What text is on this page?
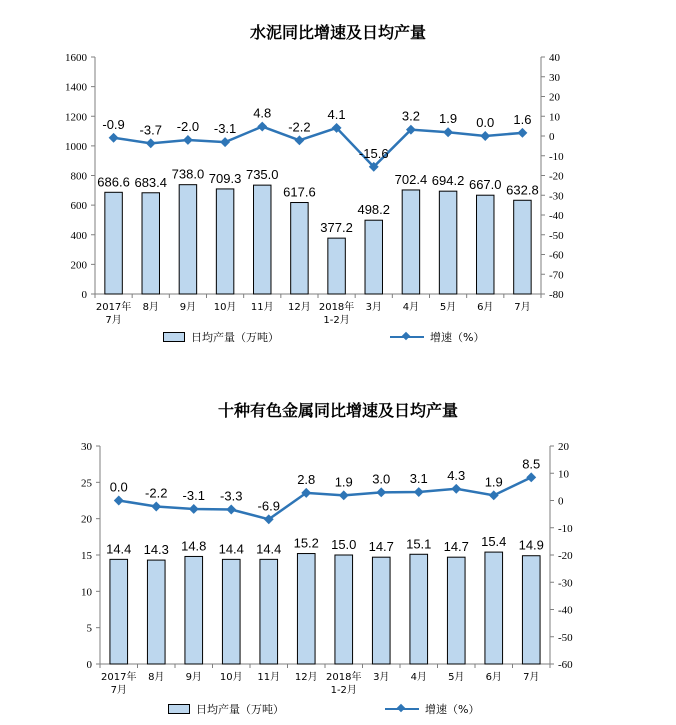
水泥同比增速及日均产量
0
200
400
600
800
1000
1200
1400
1600
-80
-70
-60
-50
-40
-30
-20
-10
0
10
20
30
40
2017年
7月
8月 9月 10月 11月 12月 2018年
1-2月
3月 4月 5月 6月 7月
686.6 683.4
738.0 709.3 735.0
617.6
377.2
498.2
702.4 694.2 667.0 632.8
-0.9 -3.7 -2.0 -3.1
4.8
-2.2
4.1
-15.6
3.2 1.9 0.0 1.6
日均产量（万吨）	增速（%）
十种有色金属同比增速及日均产量
0
5
10
15
20
25
30
-60
-50
-40
-30
-20
-10
0
10
20
2017年
7月
8月 9月 10月 11月 12月 2018年
1-2月
3月 4月 5月 6月 7月
14.4 14.3 14.8 14.4 14.4 15.2 15.0 14.7 15.1 14.7 15.4 14.9
0.0 -2.2 -3.1 -3.3
-6.9
2.8 1.9 3.0 3.1 4.3 1.9
8.5
日均产量（万吨）	增速（%）
